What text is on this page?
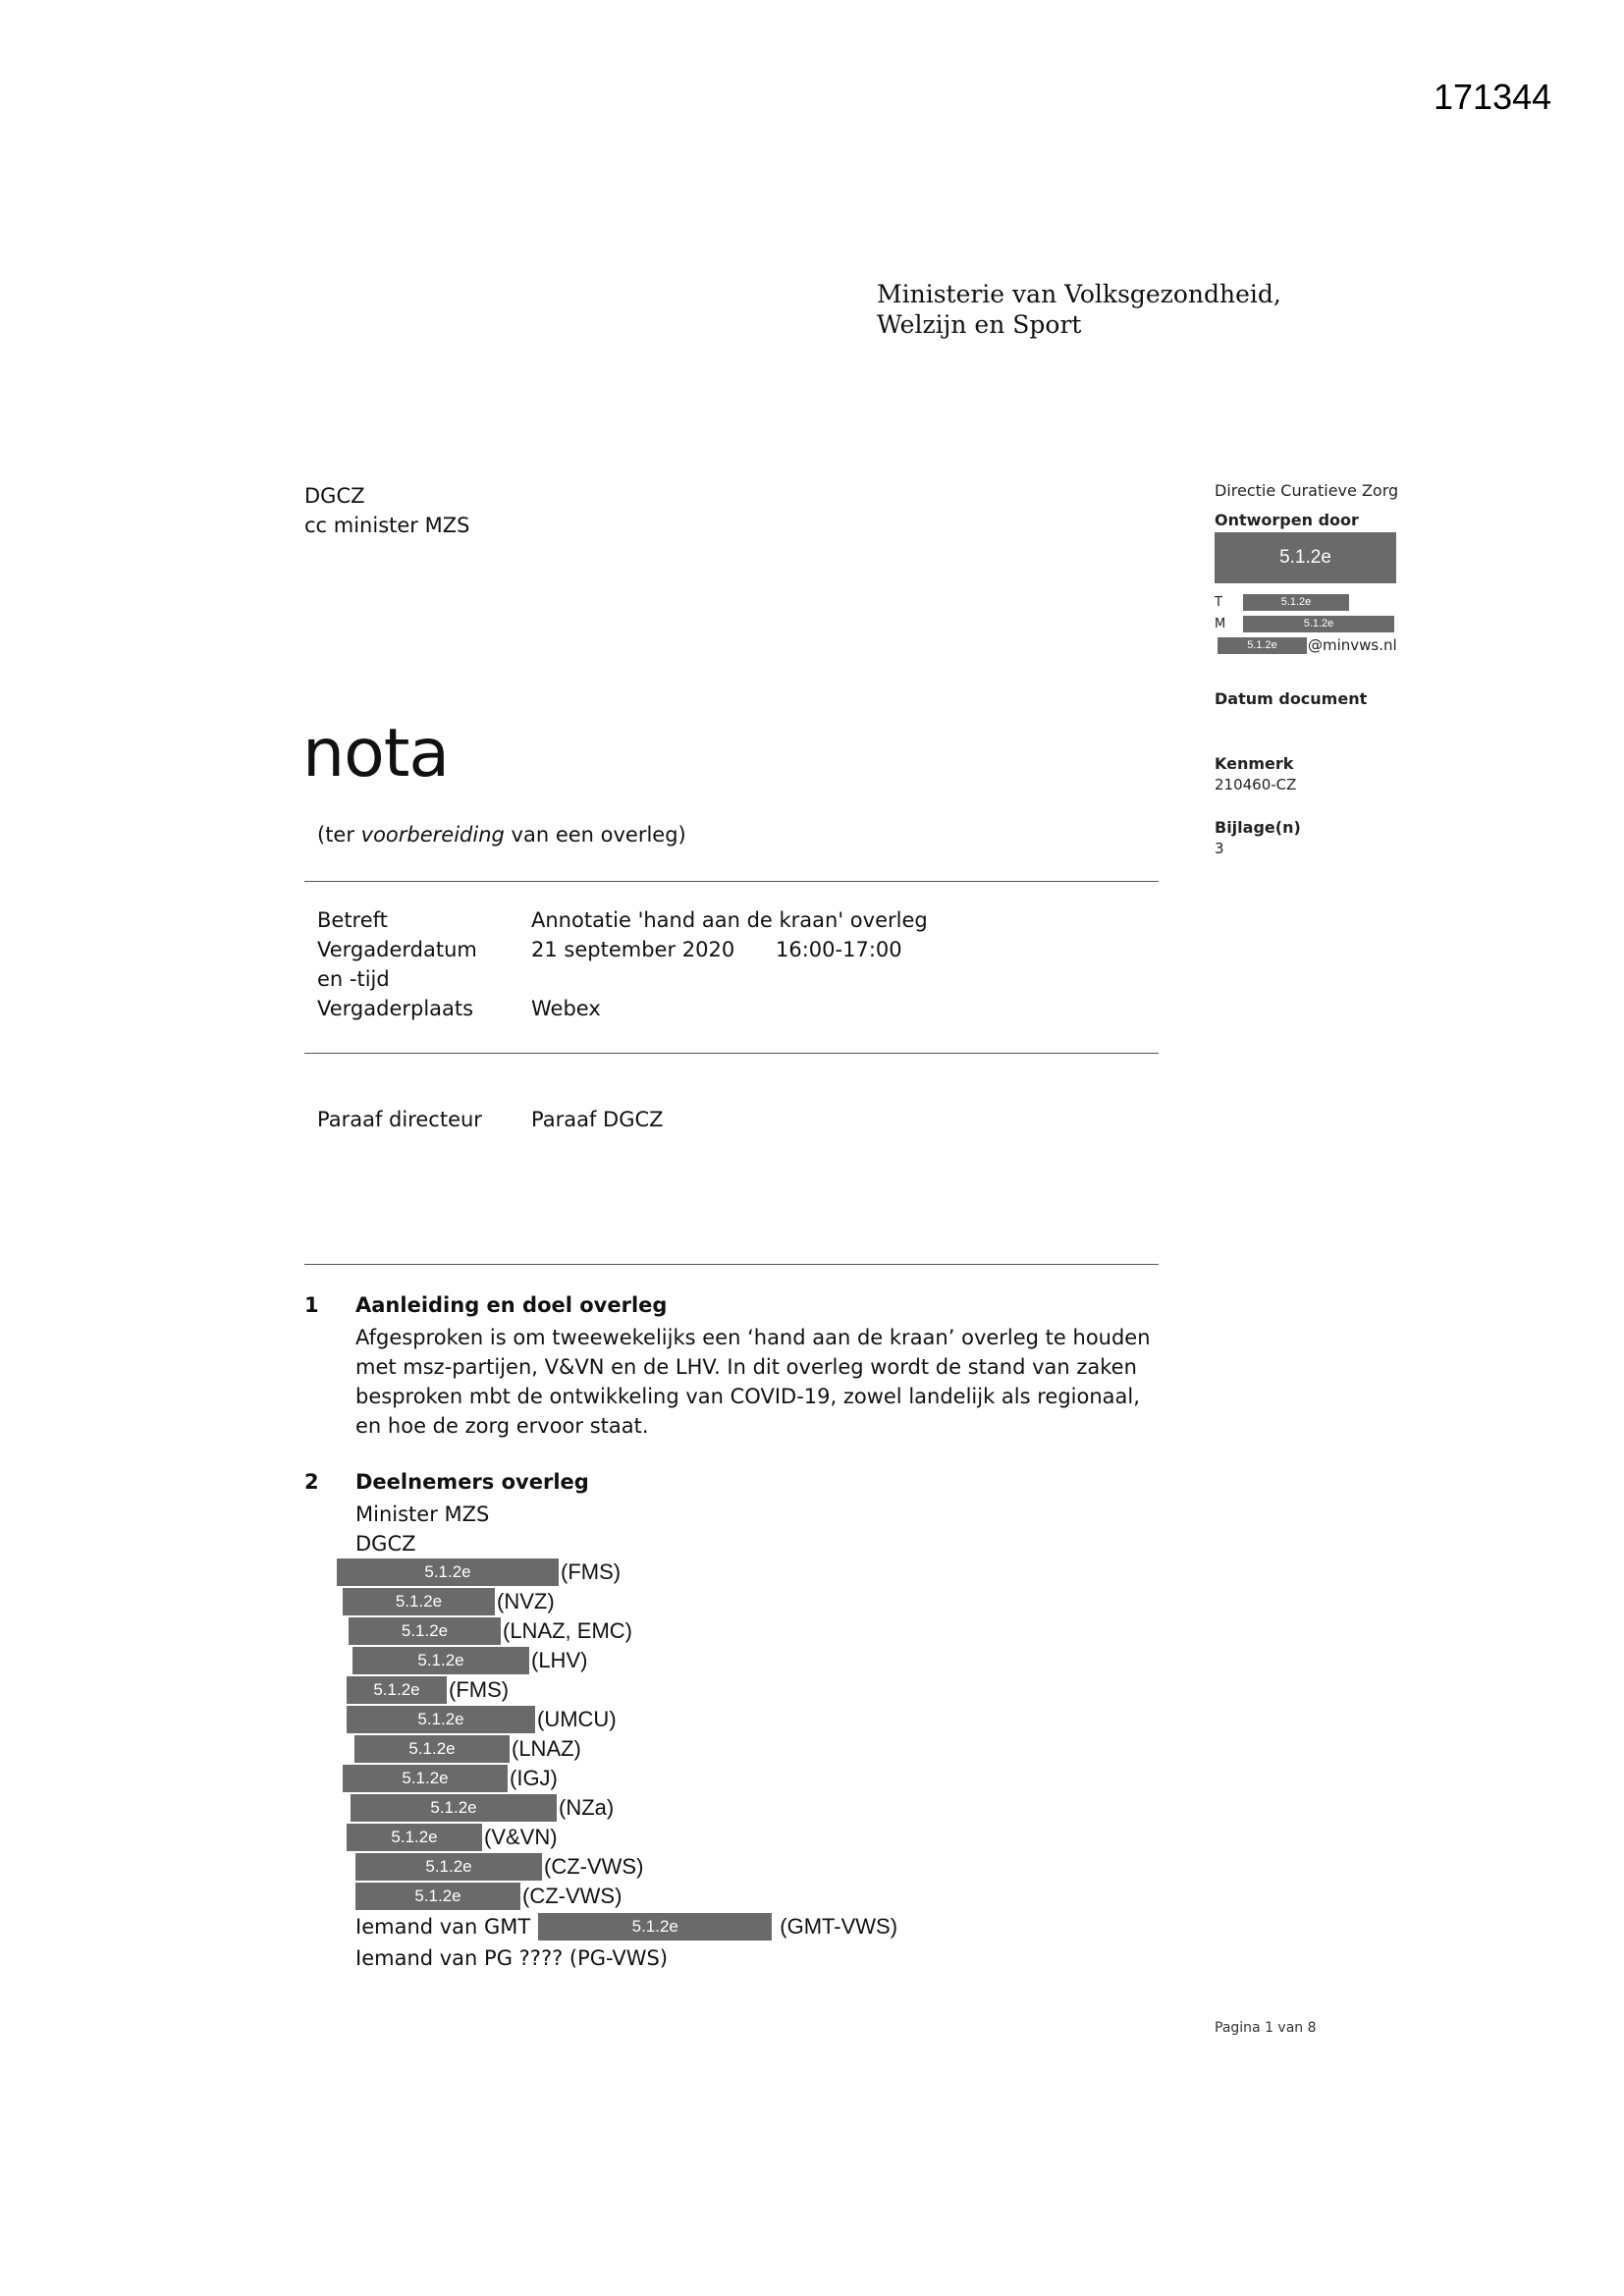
171344
Ministerie van Volksgezondheid,
Welzijn en Sport
DGCZ
cc minister MZS
Directie Curatieve Zorg
Ontworpen door
5.1.2e
T	5.1.2e
M	5.1.2e
5.1.2e	@minvws.nl
Datum document
Kenmerk
210460-CZ
Bijlage(n)
3
nota
(ter voorbereiding van een overleg)
Betreft	Annotatie 'hand aan de kraan' overleg
Vergaderdatum	21 september 2020 16:00-17:00
en -tijd
Vergaderplaats	Webex
Paraaf directeur Paraaf DGCZ
1 Aanleiding en doel overleg
Afgesproken is om tweewekelijks een ‘hand aan de kraan’ overleg te houden
met msz-partijen, V&VN en de LHV. In dit overleg wordt de stand van zaken
besproken mbt de ontwikkeling van COVID-19, zowel landelijk als regionaal,
en hoe de zorg ervoor staat.
2 Deelnemers overleg
Minister MZS
DGCZ
5.1.2e	(FMS)
5.1.2e	(NVZ)
5.1.2e	(LNAZ, EMC)
5.1.2e	(LHV)
5.1.2e (FMS)
5.1.2e	(UMCU)
5.1.2e	(LNAZ)
5.1.2e	(IGJ)
5.1.2e	(NZa)
5.1.2e (V&VN)
5.1.2e	(CZ-VWS)
5.1.2e	(CZ-VWS)
Iemand van GMT	5.1.2e	(GMT-VWS)
Iemand van PG ???? (PG-VWS)
Pagina 1 van 8
